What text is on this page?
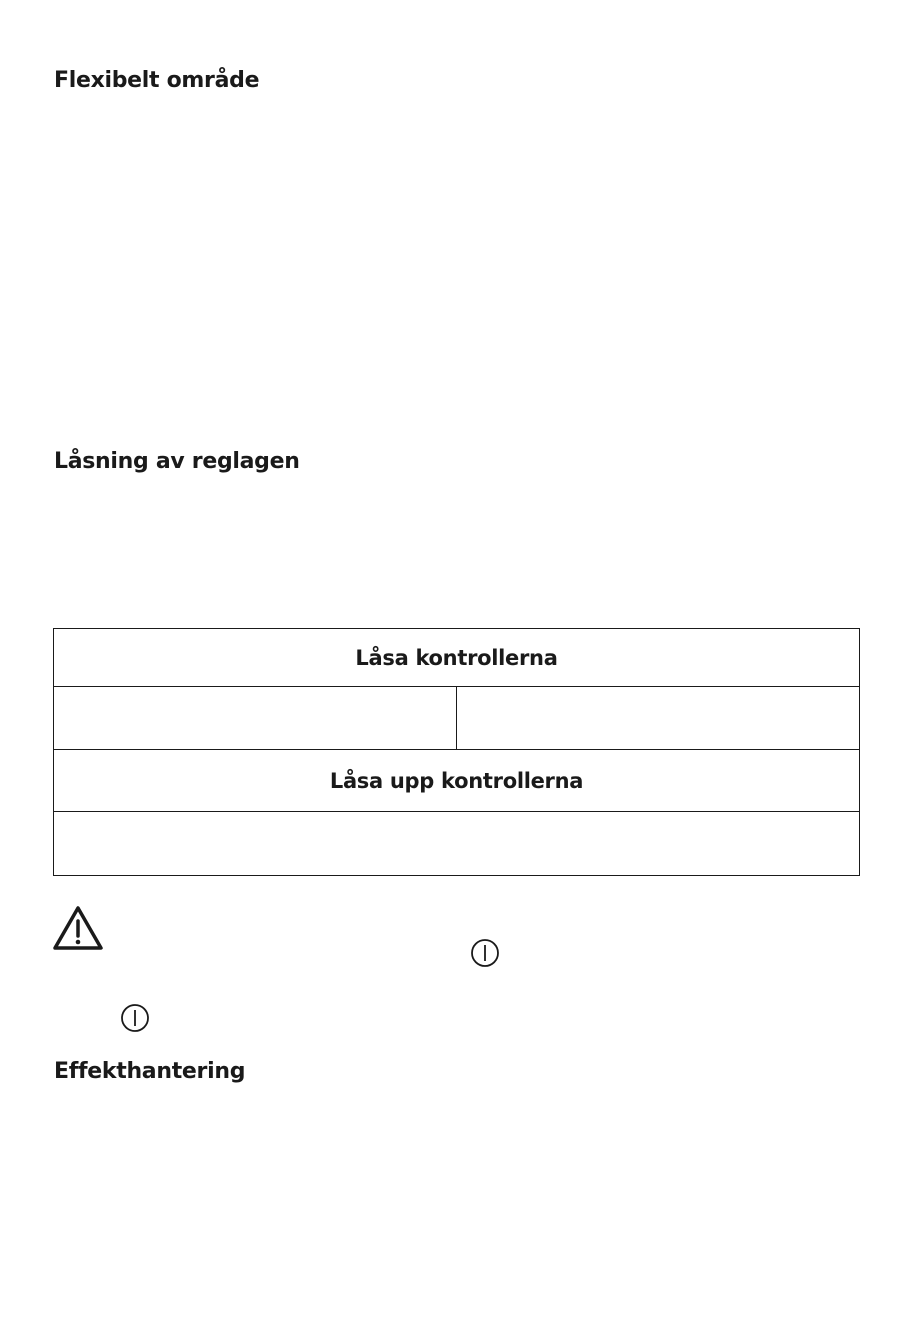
Flexibelt område
Låsning av reglagen
Låsa kontrollerna
Låsa upp kontrollerna
Effekthantering
